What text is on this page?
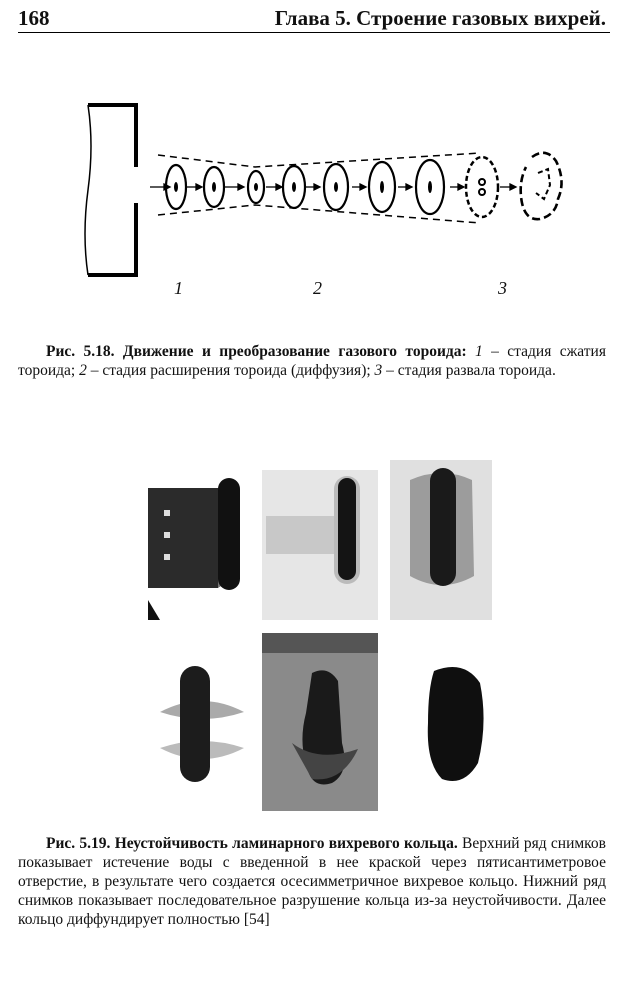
168	Глава 5. Строение газовых вихрей.
1	2	3
Рис. 5.18. Движение и преобразование газового тороида: 1 – стадия сжатия тороида; 2 – стадия расширения тороида (диффузия); 3 – стадия развала тороида.
Рис. 5.19. Неустойчивость ламинарного вихревого кольца. Верхний ряд снимков показывает истечение воды с введенной в нее краской через пятисантиметровое отверстие, в результате чего создается осесимметричное вихревое кольцо. Нижний ряд снимков показывает последовательное разрушение кольца из-за неустойчивости. Далее кольцо диффундирует полностью [54]
